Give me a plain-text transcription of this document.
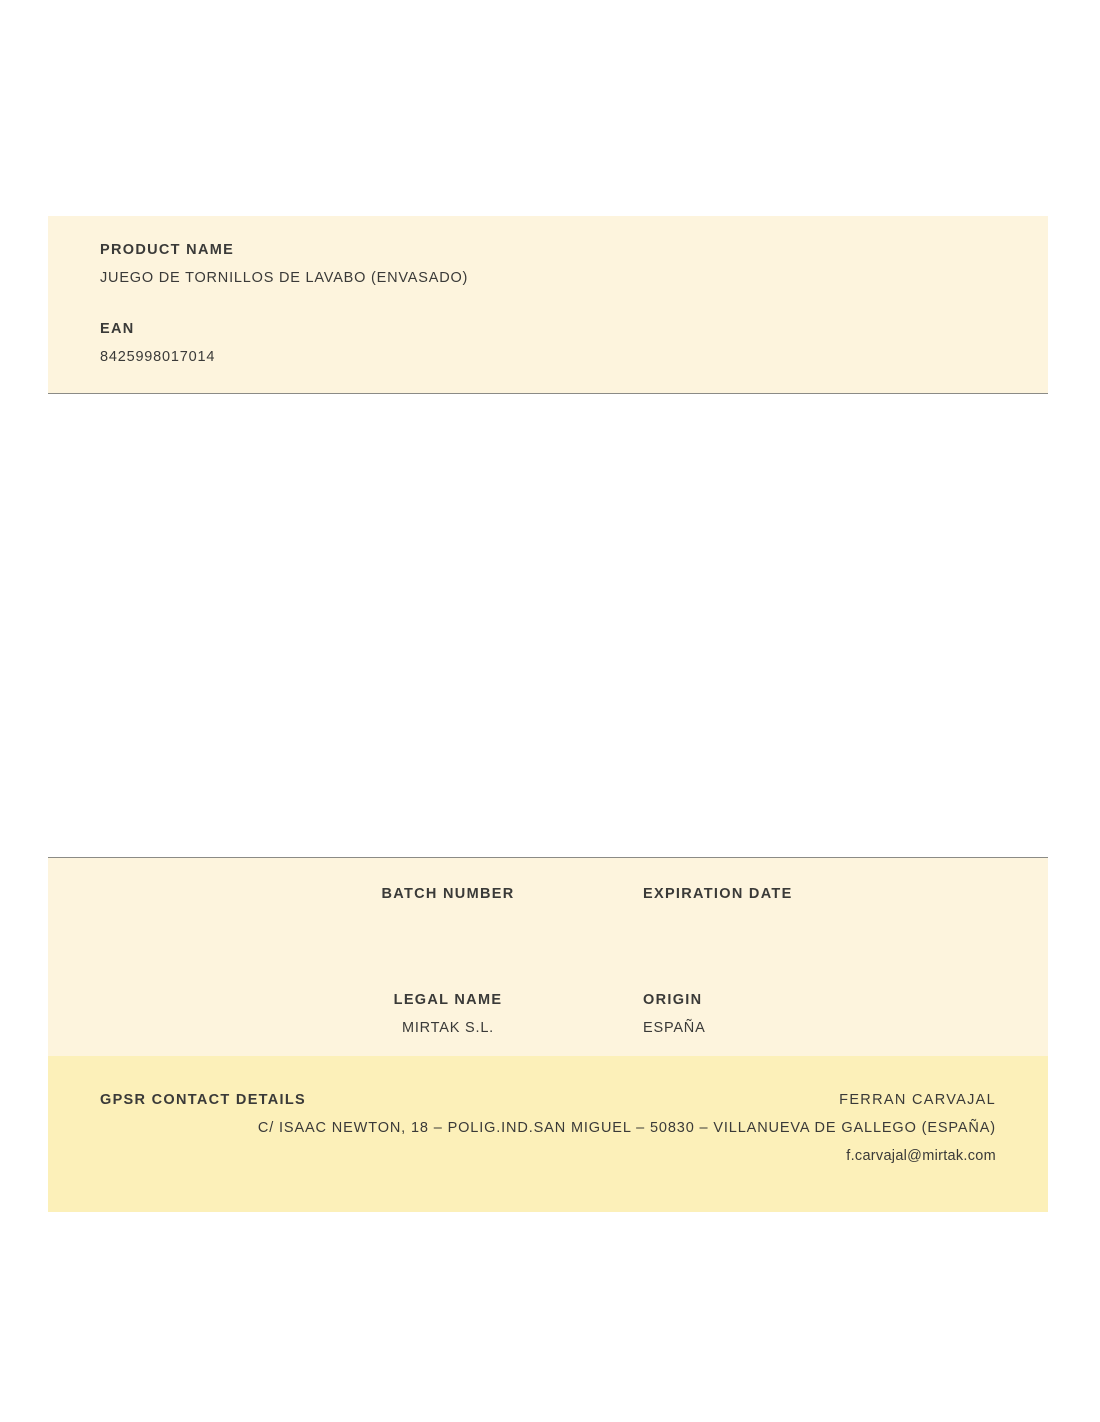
PRODUCT NAME
JUEGO DE TORNILLOS DE LAVABO (ENVASADO)
EAN
8425998017014
BATCH NUMBER	EXPIRATION DATE
LEGAL NAME
MIRTAK S.L.
ORIGIN
ESPAÑA
GPSR CONTACT DETAILS	FERRAN CARVAJAL
C/ ISAAC NEWTON, 18 – POLIG.IND.SAN MIGUEL – 50830 – VILLANUEVA DE GALLEGO (ESPAÑA)
f.carvajal@mirtak.com
